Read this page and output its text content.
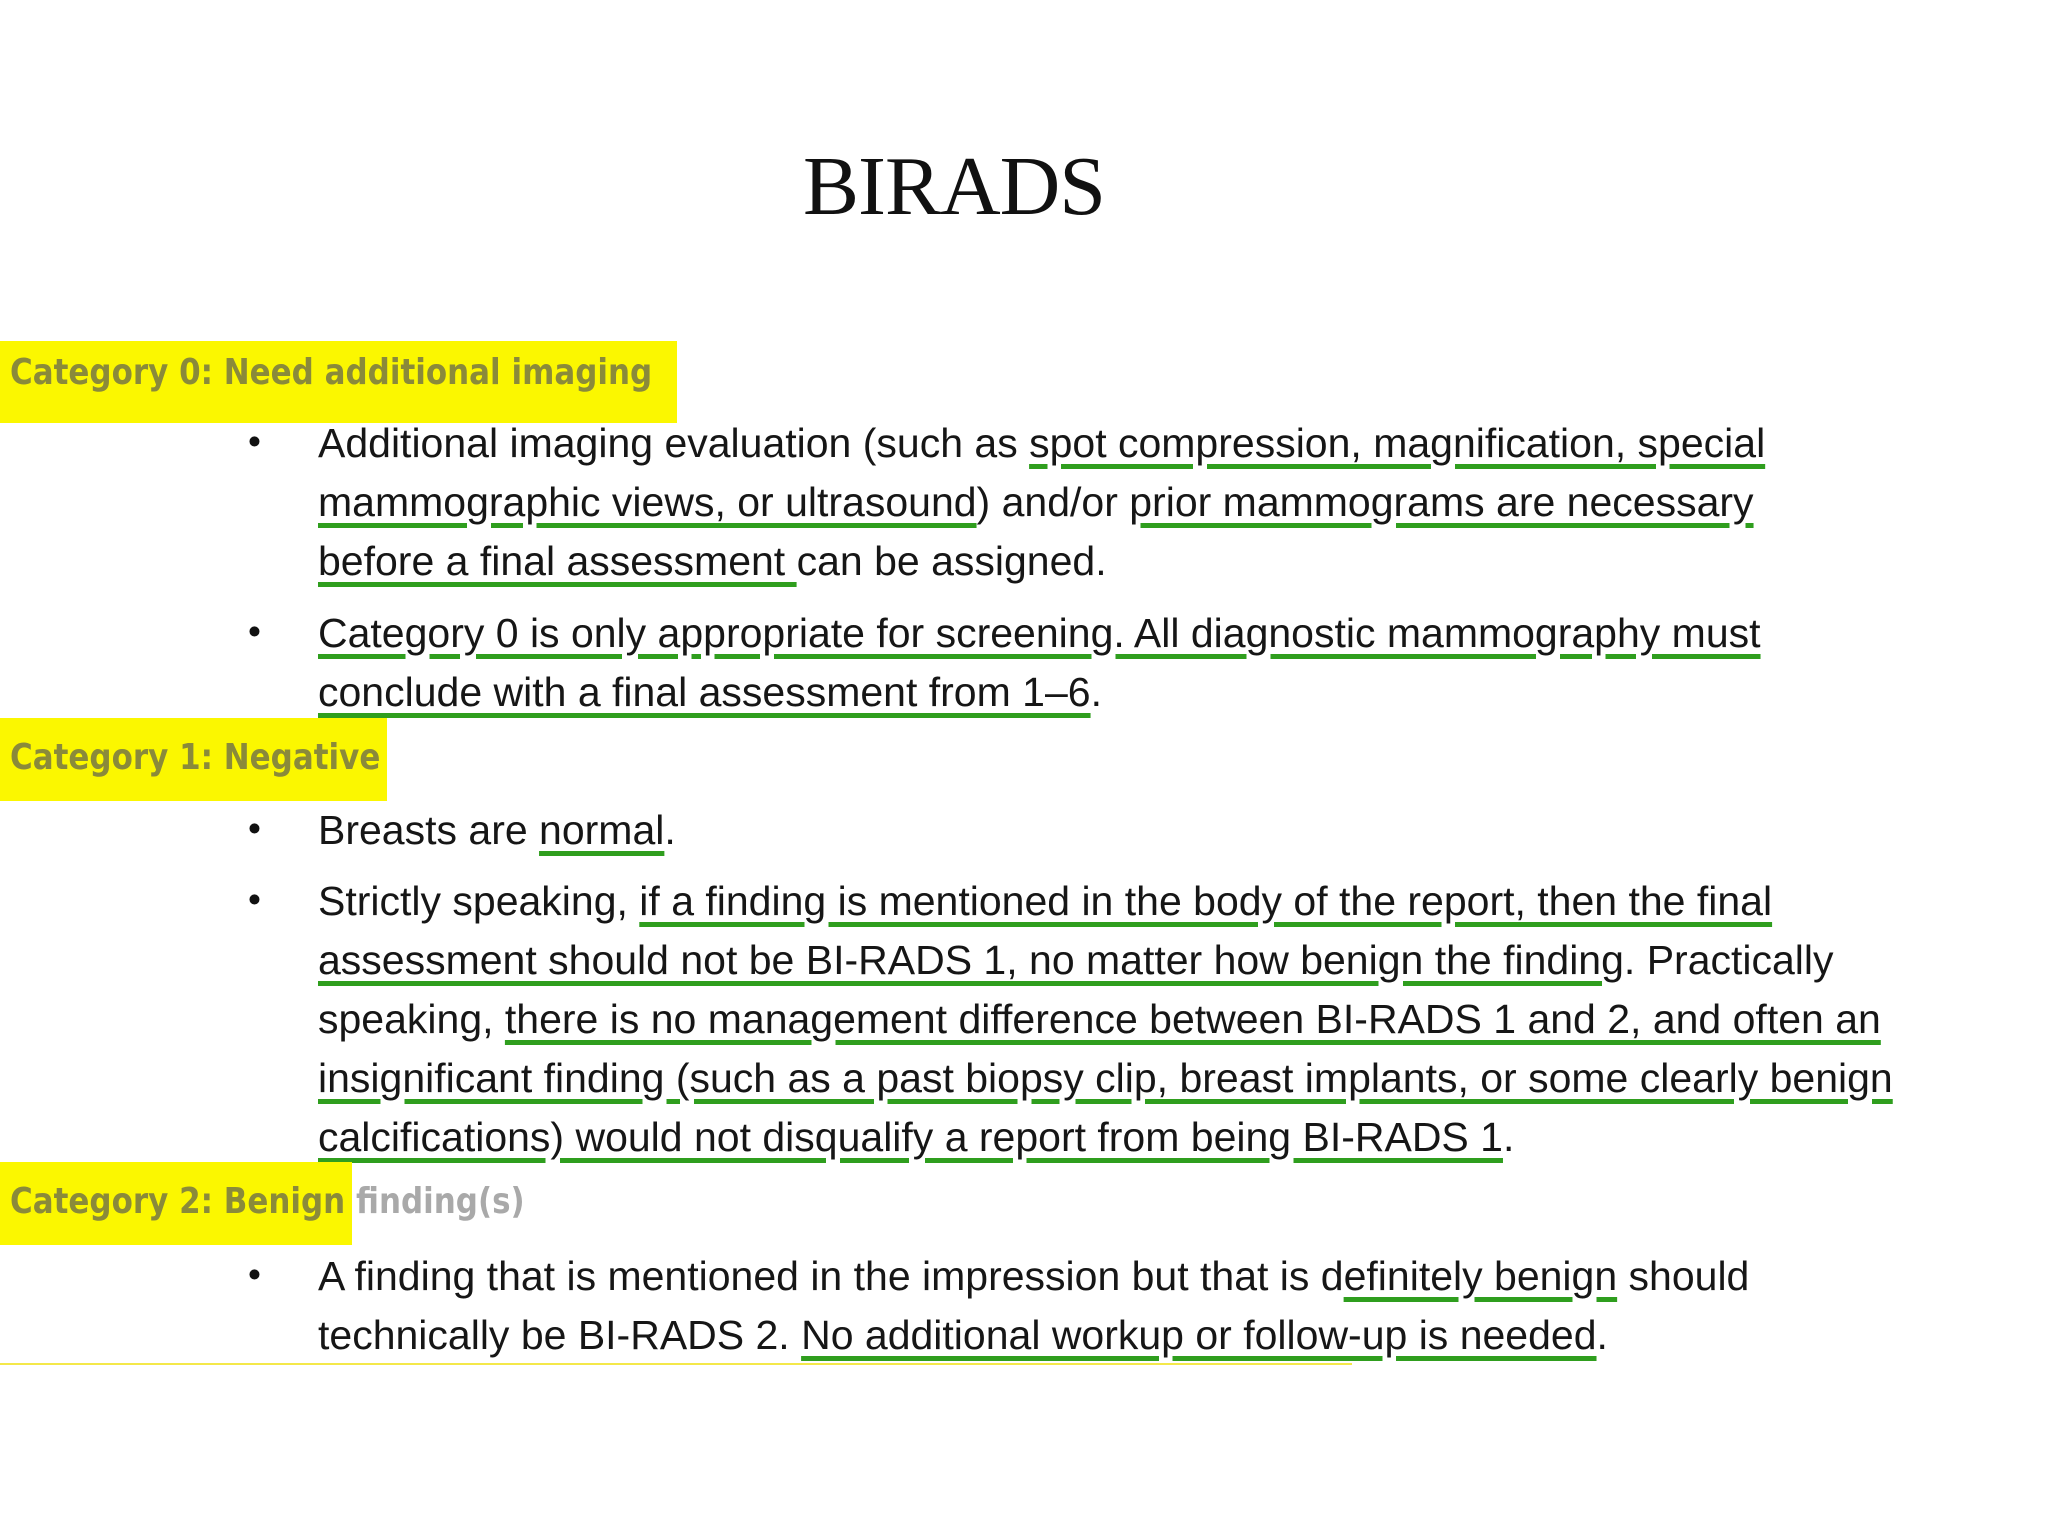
BIRADS
Category 0: Need additional imaging
• Additional imaging evaluation (such as spot compression, magnification, special
mammographic views, or ultrasound) and/or prior mammograms are necessary
before a final assessment can be assigned.
• Category 0 is only appropriate for screening. All diagnostic mammography must
conclude with a final assessment from 1–6.
Category 1: Negative
• Breasts are normal.
• Strictly speaking, if a finding is mentioned in the body of the report, then the final
assessment should not be BI-RADS 1, no matter how benign the finding. Practically
speaking, there is no management difference between BI-RADS 1 and 2, and often an
insignificant finding (such as a past biopsy clip, breast implants, or some clearly benign
calcifications) would not disqualify a report from being BI-RADS 1.
Category 2: Benign finding(s)
• A finding that is mentioned in the impression but that is definitely benign should
technically be BI-RADS 2. No additional workup or follow-up is needed.
